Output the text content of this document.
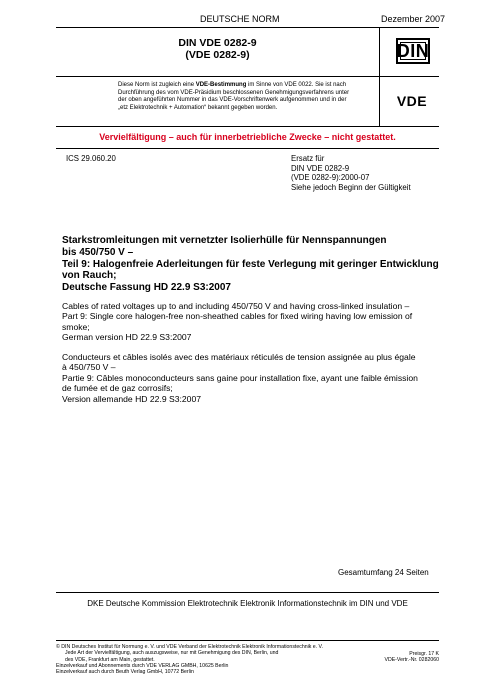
DEUTSCHE NORM	Dezember 2007
DIN VDE 0282-9
(VDE 0282-9)	DIN
Diese Norm ist zugleich eine VDE-Bestimmung im Sinne von VDE 0022. Sie ist nach
Durchführung des vom VDE-Präsidium beschlossenen Genehmigungsverfahrens unter
der oben angeführten Nummer in das VDE-Vorschriftenwerk aufgenommen und in der
„etz Elektrotechnik + Automation“ bekannt gegeben worden.	VDE
Vervielfältigung – auch für innerbetriebliche Zwecke – nicht gestattet.
ICS 29.060.20	Ersatz für
DIN VDE 0282-9
(VDE 0282-9):2000-07
Siehe jedoch Beginn der Gültigkeit
Starkstromleitungen mit vernetzter Isolierhülle für Nennspannungen
bis 450/750 V –
Teil 9: Halogenfreie Aderleitungen für feste Verlegung mit geringer Entwicklung
von Rauch;
Deutsche Fassung HD 22.9 S3:2007
Cables of rated voltages up to and including 450/750 V and having cross-linked insulation –
Part 9: Single core halogen-free non-sheathed cables for fixed wiring having low emission of
smoke;
German version HD 22.9 S3:2007
Conducteurs et câbles isolés avec des matériaux réticulés de tension assignée au plus égale
à 450/750 V –
Partie 9: Câbles monoconducteurs sans gaine pour installation fixe, ayant une faible émission
de fumée et de gaz corrosifs;
Version allemande HD 22.9 S3:2007
Gesamtumfang 24 Seiten
DKE Deutsche Kommission Elektrotechnik Elektronik Informationstechnik im DIN und VDE
© DIN Deutsches Institut für Normung e. V. und VDE Verband der Elektrotechnik Elektronik Informationstechnik e. V.
Jede Art der Vervielfältigung, auch auszugsweise, nur mit Genehmigung des DIN, Berlin, und
des VDE, Frankfurt am Main, gestattet.
Einzelverkauf und Abonnements durch VDE VERLAG GMBH, 10625 Berlin
Einzelverkauf auch durch Beuth Verlag GmbH, 10772 Berlin
Preisgr. 17 K
VDE-Vertr.-Nr. 0282060
